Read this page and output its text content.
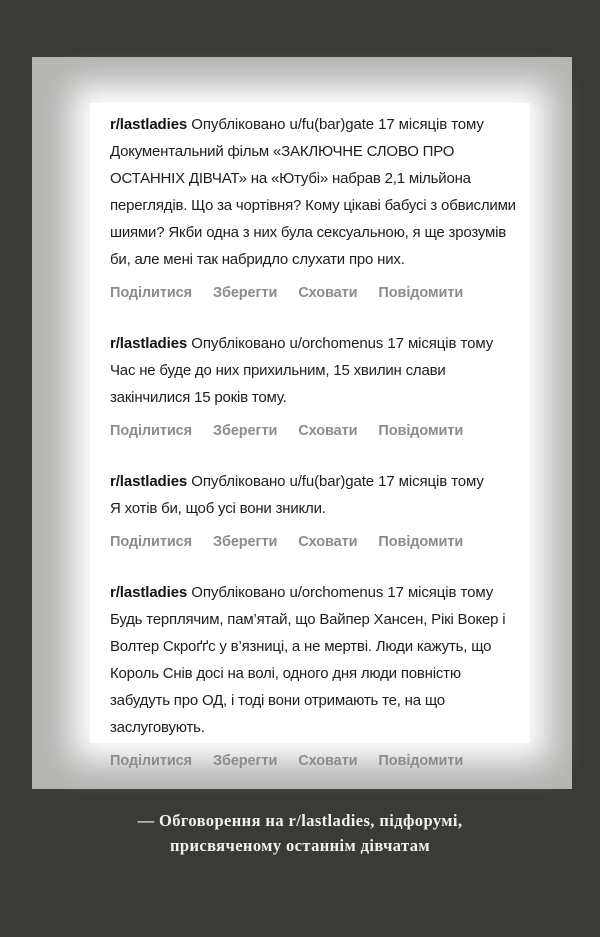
r/lastladies Опубліковано u/fu(bar)gate 17 місяців тому

Документальний фільм «ЗАКЛЮЧНЕ СЛОВО ПРО ОСТАННІХ ДІВЧАТ» на «Ютубі» набрав 2,1 мільйона переглядів. Що за чортівня? Кому цікаві бабусі з обвислими шиями? Якби одна з них була сексуальною, я ще зрозумів би, але мені так набридло слухати про них.

Поділитися Зберегти Сховати Повідомити

r/lastladies Опубліковано u/orchomenus 17 місяців тому

Час не буде до них прихильним, 15 хвилин слави закінчилися 15 років тому.

Поділитися Зберегти Сховати Повідомити

r/lastladies Опубліковано u/fu(bar)gate 17 місяців тому

Я хотів би, щоб усі вони зникли.

Поділитися Зберегти Сховати Повідомити

r/lastladies Опубліковано u/orchomenus 17 місяців тому

Будь терплячим, пам’ятай, що Вайпер Хансен, Рікі Вокер і Волтер Скроґґс у в’язниці, а не мертві. Люди кажуть, що Король Снів досі на волі, одного дня люди повністю забудуть про ОД, і тоді вони отримають те, на що заслуговують.

Поділитися Зберегти Сховати Повідомити

— Обговорення на r/lastladies, підфорумі,
присвяченому останнім дівчатам
